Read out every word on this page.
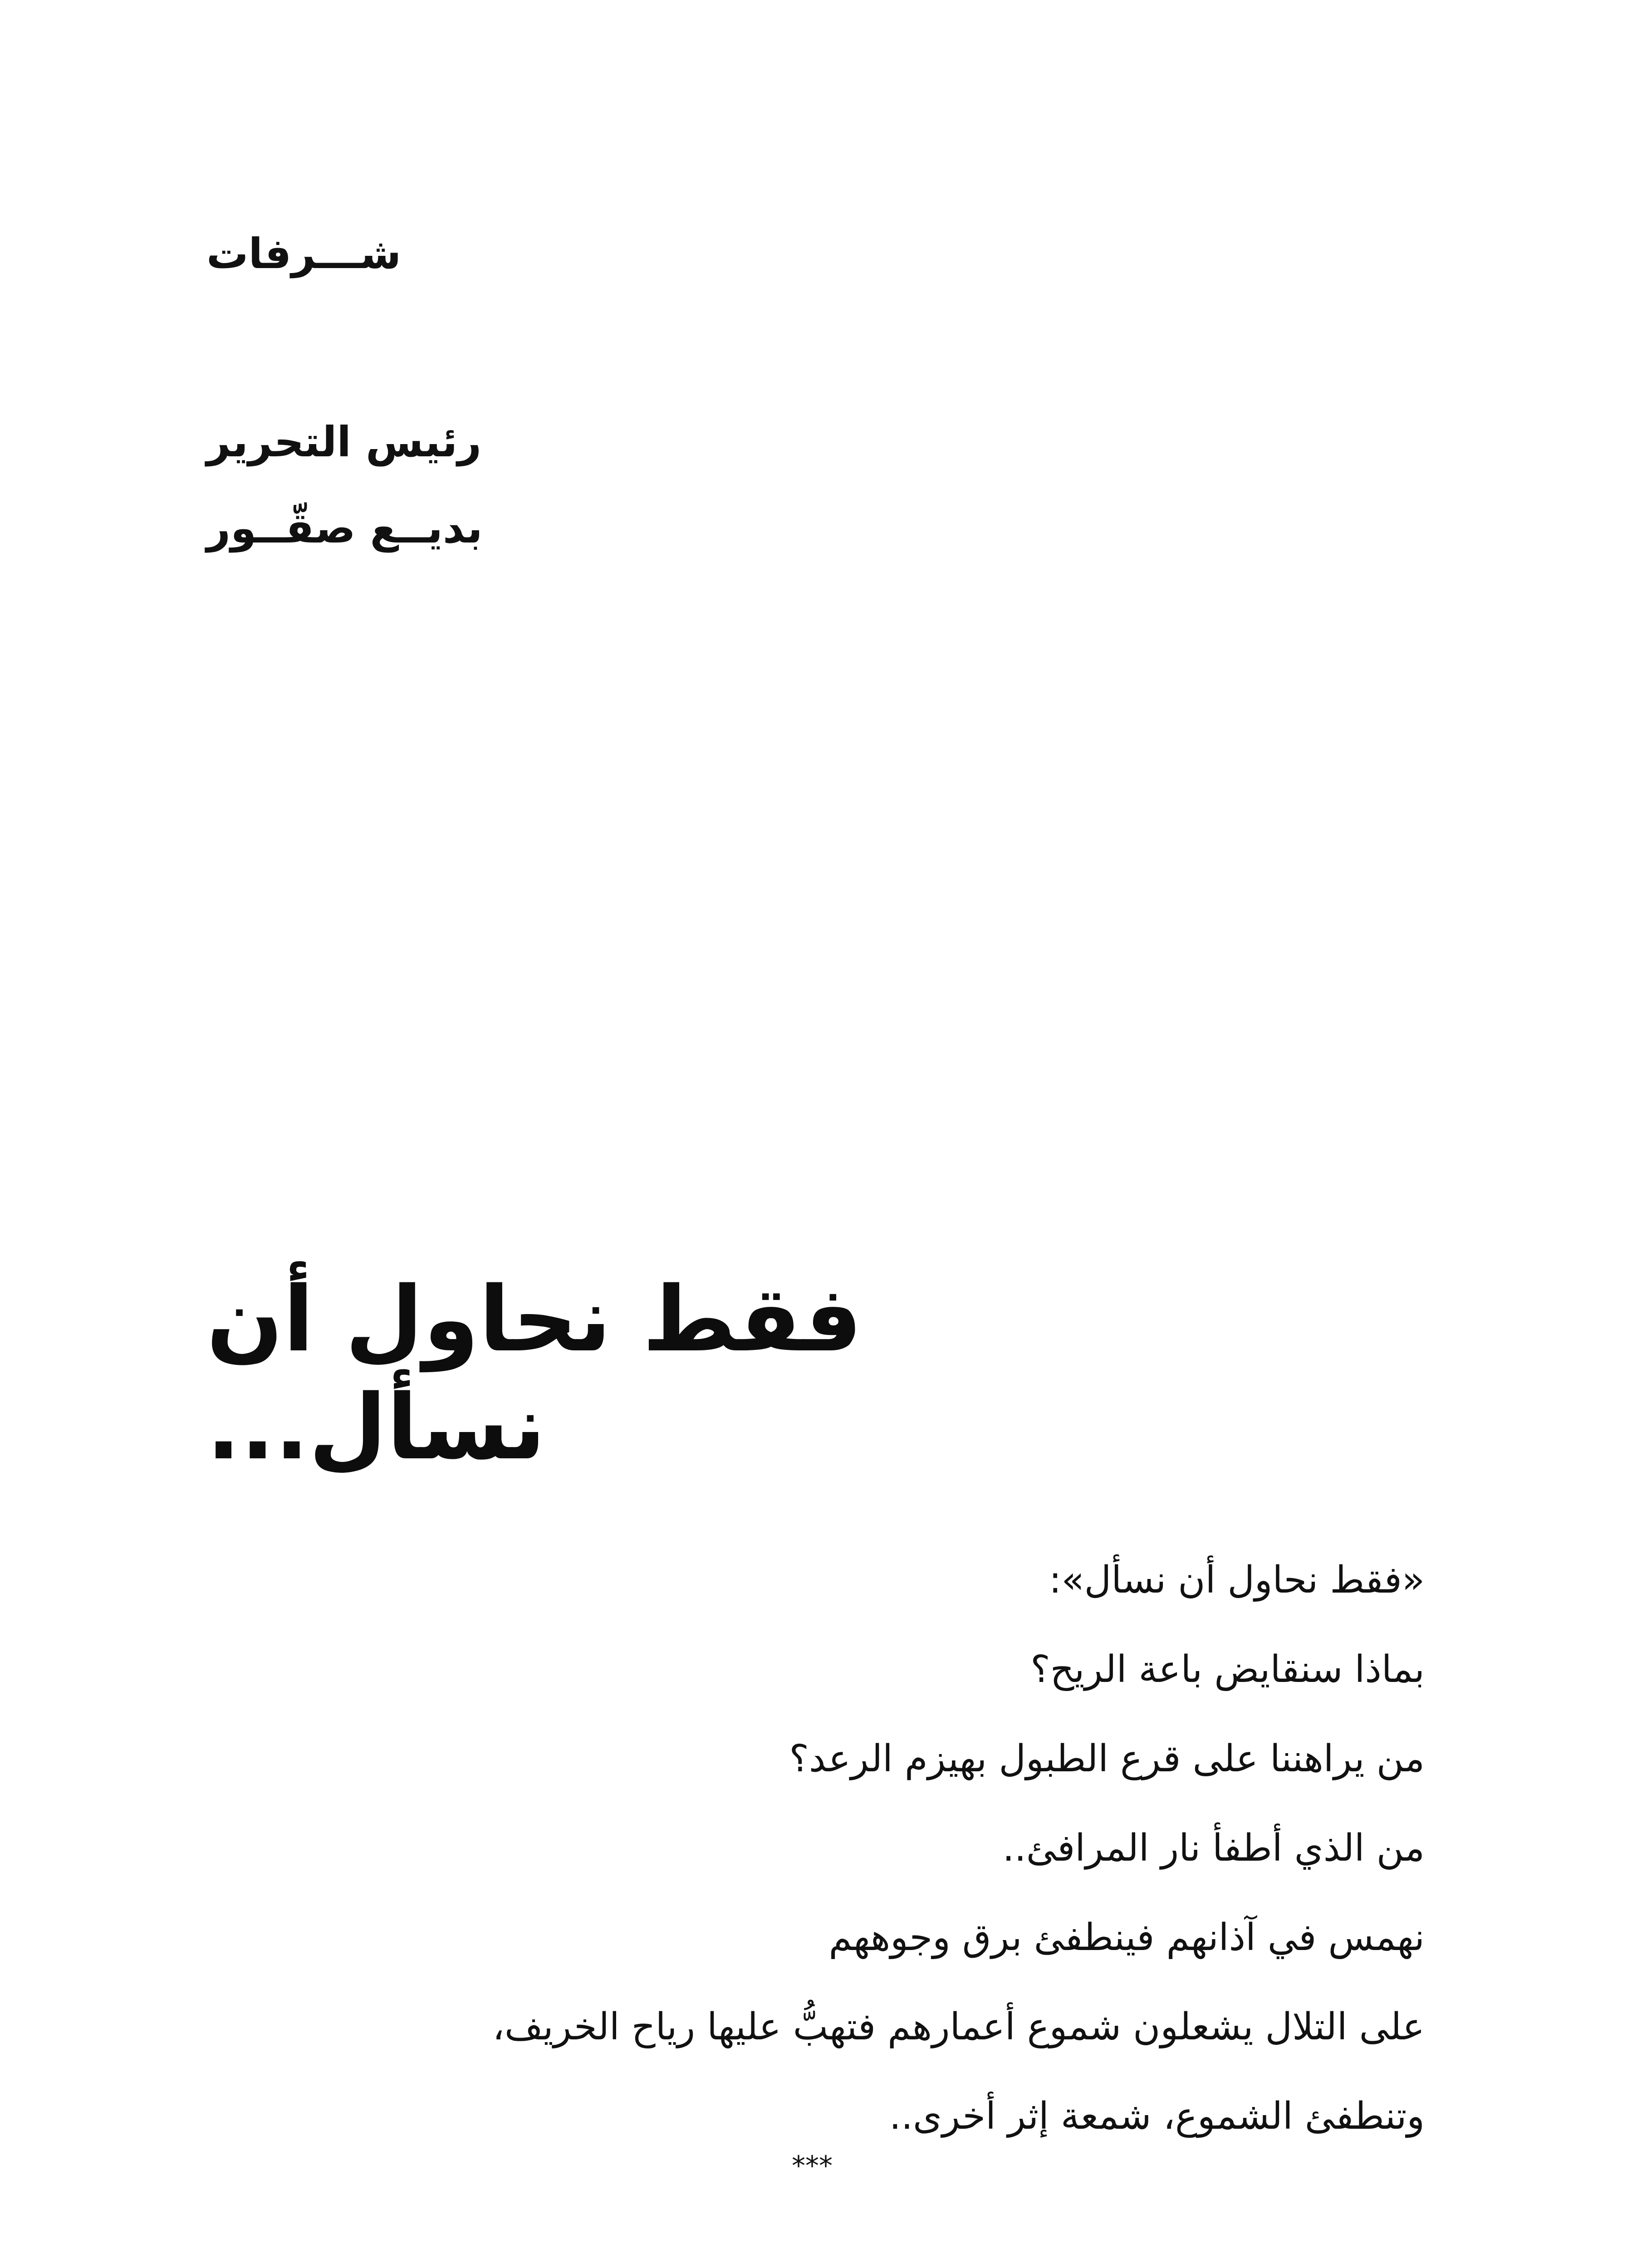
شـــرفات
رئيس التحرير
بديــع صقّــور
فقط نحاول أن نسأل...
«فقط نحاول أن نسأل»:
بماذا سنقايض باعة الريح؟
من يراهننا على قرع الطبول بهيزم الرعد؟
من الذي أطفأ نار المرافئ..
نهمس في آذانهم فينطفئ برق وجوههم
على التلال يشعلون شموع أعمارهم فتهبُّ عليها رياح الخريف،
وتنطفئ الشموع، شمعة إثر أخرى..
***
